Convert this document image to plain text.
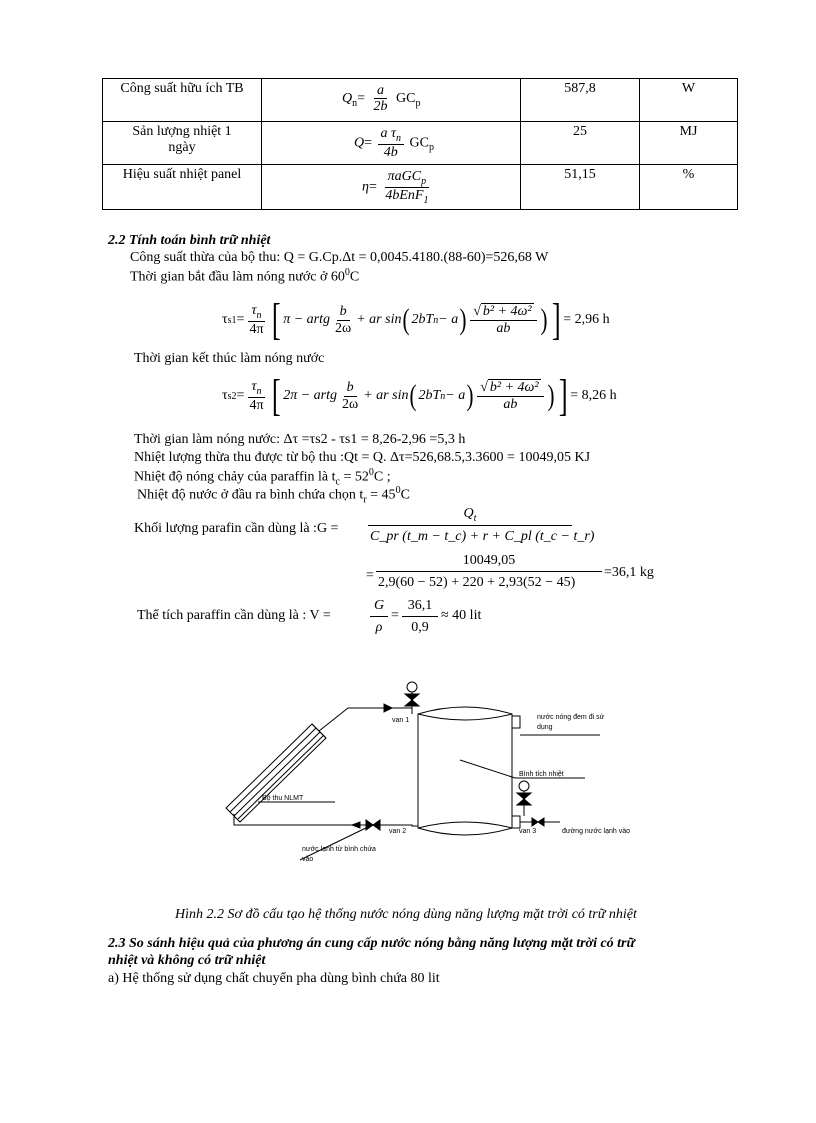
Công suất hữu ích TB	$Q_n= \frac{a}{2b} GC_p$	587,8	W
Sản lượng nhiệt 1
ngày	$Q= \frac{a \tau_n}{4b} GC_p$	25	MJ
Hiệu suất nhiệt panel	$\eta= \frac{\pi aGC_p}{4bEnF_1}$	51,15	%
2.2 Tính toán bình trữ nhiệt
Công suất thừa của bộ thu: Q = G.Cp.Δt = 0,0045.4180.(88-60)=526,68 W
Thời gian bắt đầu làm nóng nước ở $60^0C$
τ $s1 = \frac{\tau_n}{4\pi}$ [ π − artg $\frac{b}{2\omega}$ + ar sin ( 2bT n − a ) $\frac{\text{√ b² + 4ω²}}{ab}$ ) ] = 2,96 h
Thời gian kết thúc làm nóng nước
τ $s2 = \frac{\tau_n}{4\pi}$ [ 2π − artg $\frac{b}{2\omega}$ + ar sin ( 2bT n − a ) $\frac{\text{√ b² + 4ω²}}{ab}$ ) ] = 8,26 h
Thời gian làm nóng nước: Δτ =τs2 - τs1 = 8,26-2,96 =5,3 h
Nhiệt lượng thừa thu được từ bộ thu :Qt = Q. Δτ=526,68.5,3.3600 = 10049,05 KJ
Nhiệt độ nóng chảy của paraffin là $t_c = 52^0C$ ;
Nhiệt độ nước ở đầu ra bình chứa chọn $t_r = 45^0C$
Khối lượng parafin cần dùng là :G =
$Q_t$
C_pr (t_m − t_c) + r + C_pl (t_c − t_r)
=
10049,05
2,9(60 − 52) + 220 + 2,93(52 − 45)
=36,1 kg
Thể tích paraffin cần dùng là : V =
G
ρ
=
36,1
0,9
≈ 40 lit
van 1
van 2	van 3
nước nóng đem đi sử
dụng
Bình tích nhiệt
Bộ thu NLMT
đường nước lạnh vào
nước lạnh từ bình chứa
vào
Hình 2.2 Sơ đồ cấu tạo hệ thống nước nóng dùng năng lượng mặt trời có trữ nhiệt
2.3 So sánh hiệu quả của phương án cung cấp nước nóng bằng năng lượng mặt trời có trữ
nhiệt và không có trữ nhiệt
a) Hệ thống sử dụng chất chuyển pha dùng bình chứa 80 lit
